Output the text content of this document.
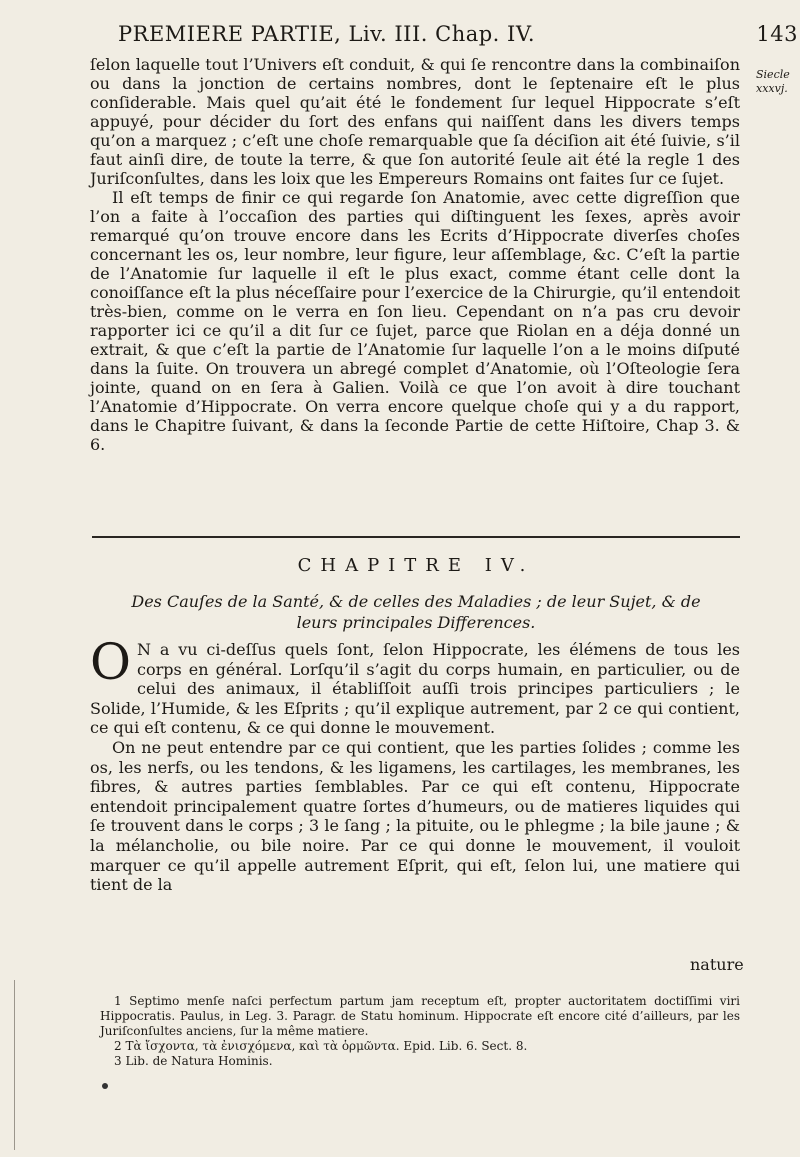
PREMIERE PARTIE, Liv. III. Chap. IV.	143
Siecle
xxxvj.

ſelon laquelle tout l’Univers eſt conduit, & qui ſe rencontre dans la combinaiſon ou dans la jonction de certains nombres, dont le ſeptenaire eſt le plus conſiderable. Mais quel qu’ait été le fondement ſur lequel Hippocrate s’eſt appuyé, pour décider du ſort des enfans qui naiſſent dans les divers temps qu’on a marquez ; c’eſt une choſe remarquable que ſa déciſion ait été ſuivie, s’il faut ainſi dire, de toute la terre, & que ſon autorité ſeule ait été la regle 1 des Juriſconſultes, dans les loix que les Empereurs Romains ont faites ſur ce ſujet.

Il eſt temps de finir ce qui regarde ſon Anatomie, avec cette digreſſion que l’on a faite à l’occaſion des parties qui diſtinguent les ſexes, après avoir remarqué qu’on trouve encore dans les Ecrits d’Hippocrate diverſes choſes concernant les os, leur nombre, leur figure, leur aſſemblage, &c. C’eſt la partie de l’Anatomie ſur laquelle il eſt le plus exact, comme étant celle dont la conoiſſance eſt la plus néceſſaire pour l’exercice de la Chirurgie, qu’il entendoit très-bien, comme on le verra en ſon lieu. Cependant on n’a pas cru devoir rapporter ici ce qu’il a dit ſur ce ſujet, parce que Riolan en a déja donné un extrait, & que c’eſt la partie de l’Anatomie ſur laquelle l’on a le moins diſputé dans la ſuite. On trouvera un abregé complet d’Anatomie, où l’Oſteologie ſera jointe, quand on en ſera à Galien. Voilà ce que l’on avoit à dire touchant l’Anatomie d’Hippocrate. On verra encore quelque choſe qui y a du rapport, dans le Chapitre ſuivant, & dans la ſeconde Partie de cette Hiſtoire, Chap 3. & 6.

CHAPITRE IV.
Des Cauſes de la Santé, & de celles des Maladies ; de leur Sujet, & de leurs principales Differences.

O N a vu ci-deſſus quels ſont, ſelon Hippocrate, les élémens de tous les corps en général. Lorſqu’il s’agit du corps humain, en particulier, ou de celui des animaux, il établiſſoit auſſi trois principes particuliers ; le Solide, l’Humide, & les Eſprits ; qu’il explique autrement, par 2 ce qui contient, ce qui eſt contenu, & ce qui donne le mouvement.

On ne peut entendre par ce qui contient, que les parties ſolides ; comme les os, les nerfs, ou les tendons, & les ligamens, les cartilages, les membranes, les fibres, & autres parties ſemblables. Par ce qui eſt contenu, Hippocrate entendoit principalement quatre ſortes d’humeurs, ou de matieres liquides qui ſe trouvent dans le corps ; 3 le ſang ; la pituite, ou le phlegme ; la bile jaune ; & la mélancholie, ou bile noire. Par ce qui donne le mouvement, il vouloit marquer ce qu’il appelle autrement Eſprit, qui eſt, ſelon lui, une matiere qui tient de la

nature

1 Septimo menſe naſci perfectum partum jam receptum eſt, propter auctoritatem doctiſſimi viri Hippocratis. Paulus, in Leg. 3. Paragr. de Statu hominum. Hippocrate eſt encore cité d’ailleurs, par les Juriſconſultes anciens, ſur la même matiere.

2 Τὰ ἴσχοντα, τὰ ἐνισχόμενα, καὶ τὰ ὁρμῶντα. Epid. Lib. 6. Sect. 8.

3 Lib. de Natura Hominis.
